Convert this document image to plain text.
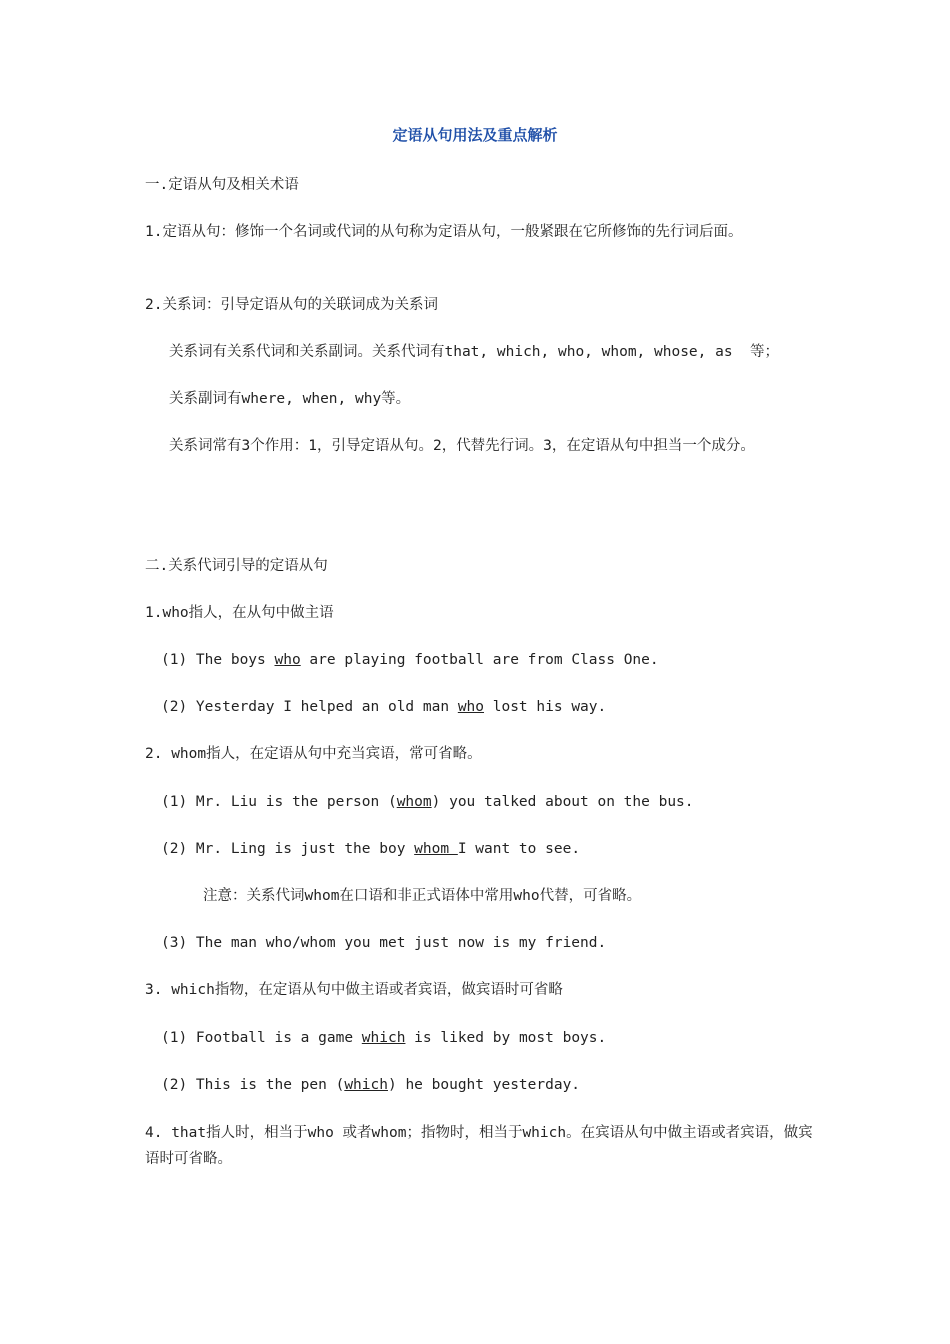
定语从句用法及重点解析
一.定语从句及相关术语
1.定语从句：修饰一个名词或代词的从句称为定语从句，一般紧跟在它所修饰的先行词后面。
2.关系词：引导定语从句的关联词成为关系词
关系词有关系代词和关系副词。关系代词有that, which, who, whom, whose, as  等；
关系副词有where, when, why等。
关系词常有3个作用：1，引导定语从句。2，代替先行词。3，在定语从句中担当一个成分。
二.关系代词引导的定语从句
1.who指人，在从句中做主语
(1) The boys who are playing football are from Class One.
(2) Yesterday I helped an old man who lost his way.
2. whom指人，在定语从句中充当宾语，常可省略。
(1) Mr. Liu is the person (whom) you talked about on the bus.
(2) Mr. Ling is just the boy whom I want to see.
注意：关系代词whom在口语和非正式语体中常用who代替，可省略。
(3) The man who/whom you met just now is my friend.
3. which指物，在定语从句中做主语或者宾语，做宾语时可省略
(1) Football is a game which is liked by most boys.
(2) This is the pen (which) he bought yesterday.
4. that指人时，相当于who 或者whom；指物时，相当于which。在宾语从句中做主语或者宾语，做宾语时可省略。
